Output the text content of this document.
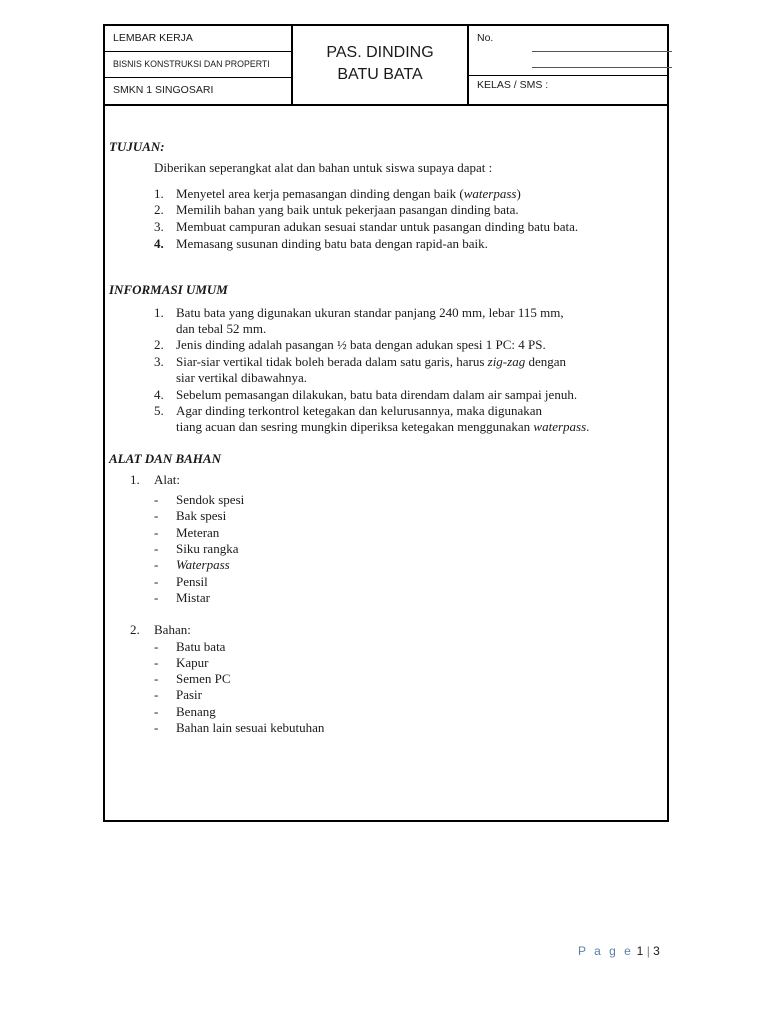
LEMBAR KERJA
BISNIS KONSTRUKSI DAN PROPERTI
SMKN 1 SINGOSARI
PAS. DINDING
BATU BATA
No.
KELAS / SMS :
TUJUAN:
Diberikan seperangkat alat dan bahan untuk siswa supaya dapat :
1. Menyetel area kerja pemasangan dinding dengan baik (waterpass)
2. Memilih bahan yang baik untuk pekerjaan pasangan dinding bata.
3. Membuat campuran adukan sesuai standar untuk pasangan dinding batu bata.
4. Memasang susunan dinding batu bata dengan rapid-an baik.
INFORMASI UMUM
1. Batu bata yang digunakan ukuran standar panjang 240 mm, lebar 115 mm,
dan tebal 52 mm.
2. Jenis dinding adalah pasangan ½ bata dengan adukan spesi 1 PC: 4 PS.
3. Siar-siar vertikal tidak boleh berada dalam satu garis, harus zig-zag dengan
siar vertikal dibawahnya.
4. Sebelum pemasangan dilakukan, batu bata direndam dalam air sampai jenuh.
5. Agar dinding terkontrol ketegakan dan kelurusannya, maka digunakan
tiang acuan dan sesring mungkin diperiksa ketegakan menggunakan waterpass.
ALAT DAN BAHAN
1. Alat:
- Sendok spesi
- Bak spesi
- Meteran
- Siku rangka
- Waterpass
- Pensil
- Mistar
2. Bahan:
- Batu bata
- Kapur
- Semen PC
- Pasir
- Benang
- Bahan lain sesuai kebutuhan
P a g e 1 | 3
